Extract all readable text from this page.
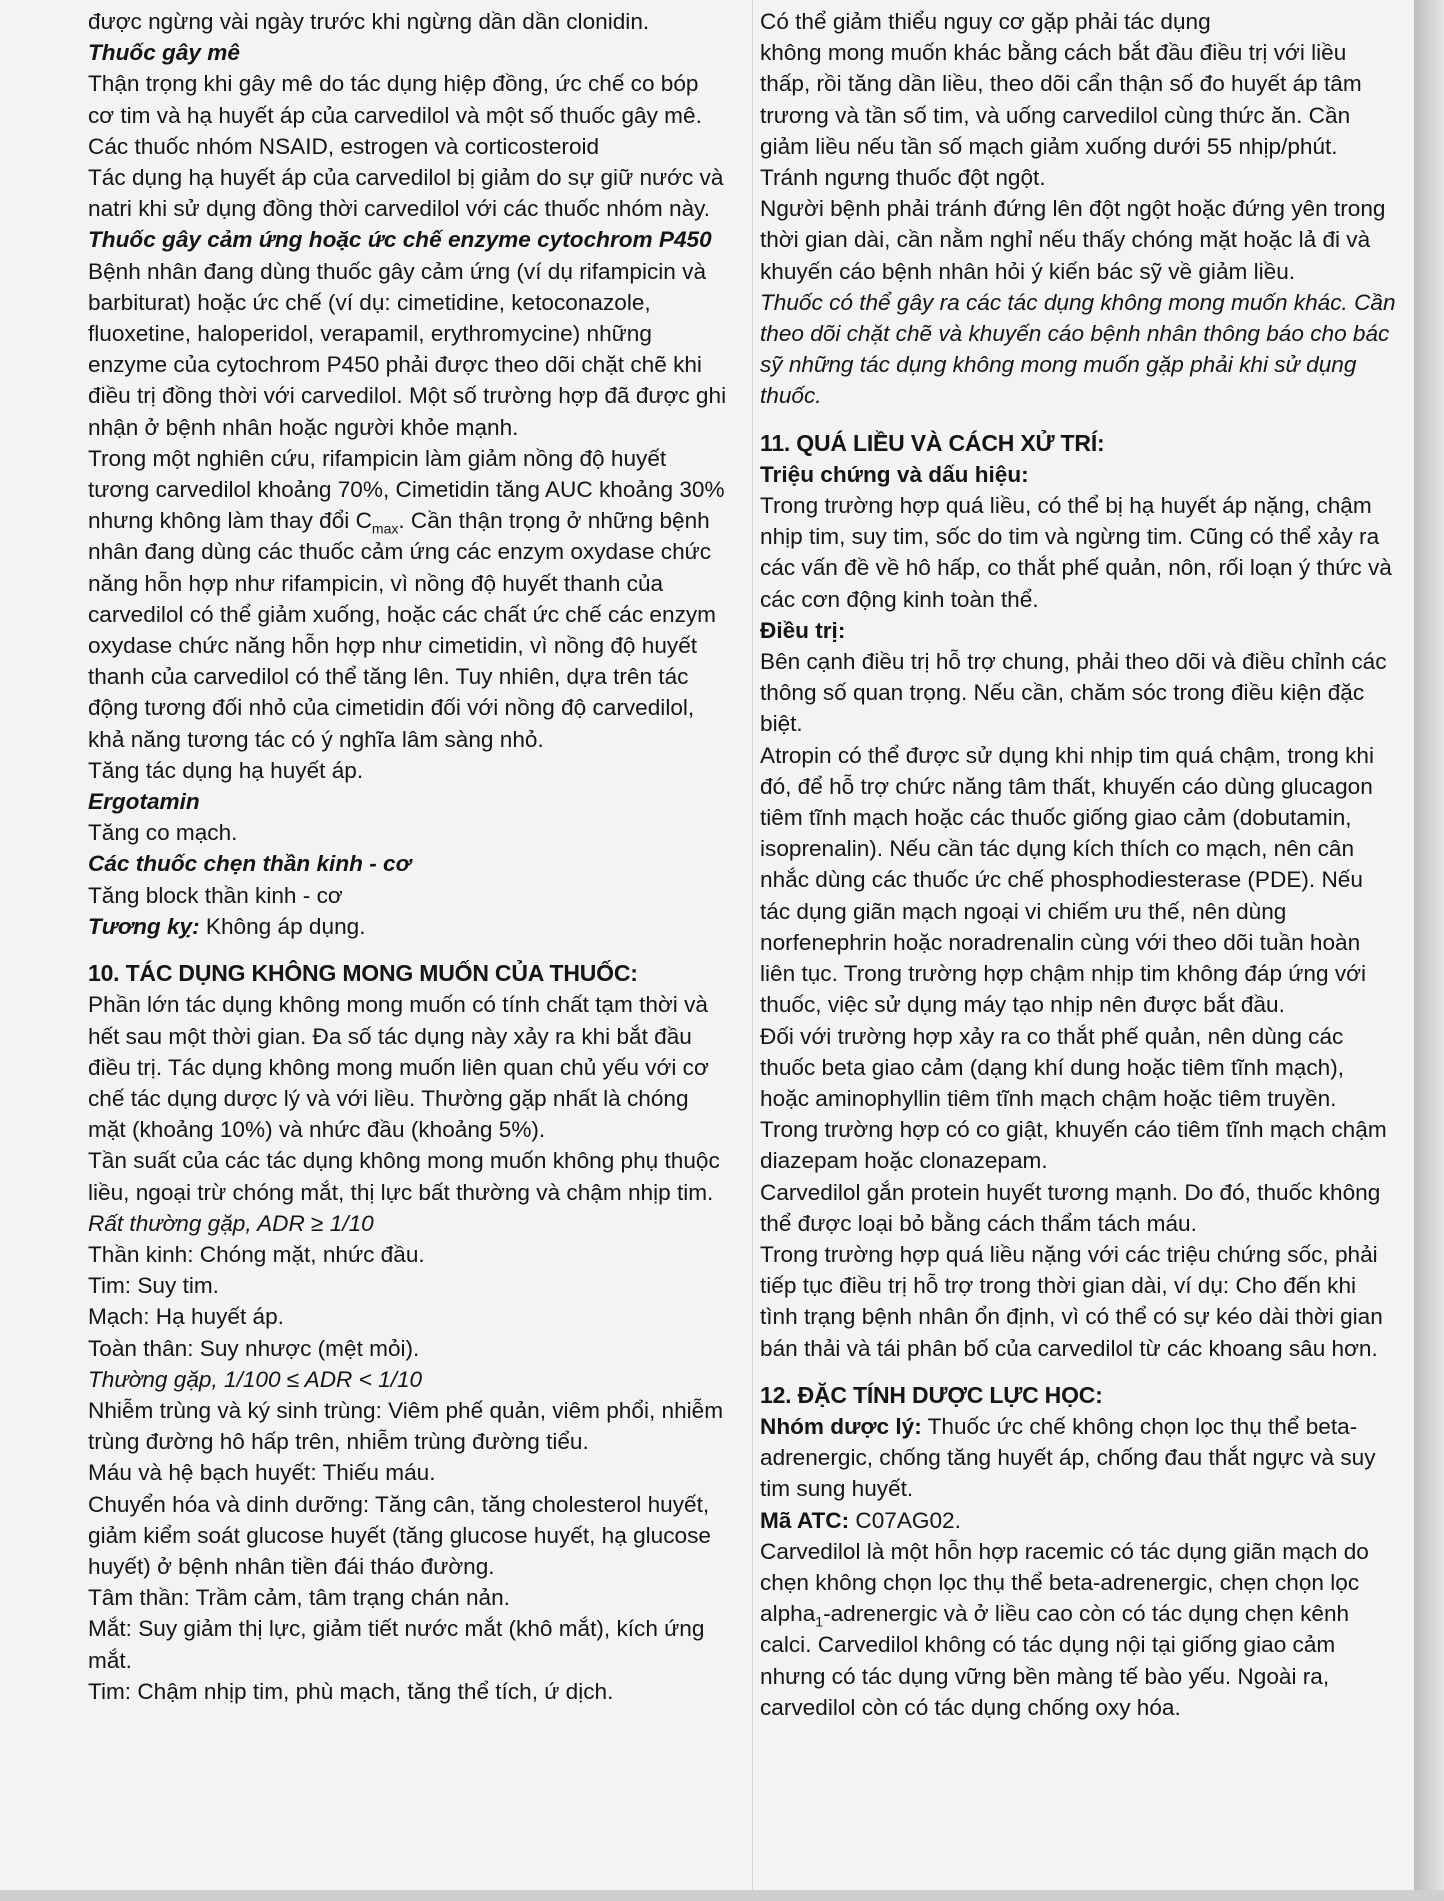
được ngừng vài ngày trước khi ngừng dần dần clonidin.

Thuốc gây mê

Thận trọng khi gây mê do tác dụng hiệp đồng, ức chế co bóp cơ tim và hạ huyết áp của carvedilol và một số thuốc gây mê.

Các thuốc nhóm NSAID, estrogen và corticosteroid

Tác dụng hạ huyết áp của carvedilol bị giảm do sự giữ nước và natri khi sử dụng đồng thời carvedilol với các thuốc nhóm này.

Thuốc gây cảm ứng hoặc ức chế enzyme cytochrom P450

Bệnh nhân đang dùng thuốc gây cảm ứng (ví dụ rifampicin và barbiturat) hoặc ức chế (ví dụ: cimetidine, ketoconazole, fluoxetine, haloperidol, verapamil, erythromycine) những enzyme của cytochrom P450 phải được theo dõi chặt chẽ khi điều trị đồng thời với carvedilol. Một số trường hợp đã được ghi nhận ở bệnh nhân hoặc người khỏe mạnh.

Trong một nghiên cứu, rifampicin làm giảm nồng độ huyết tương carvedilol khoảng 70%, Cimetidin tăng AUC khoảng 30% nhưng không làm thay đổi $C_{max}$. Cần thận trọng ở những bệnh nhân đang dùng các thuốc cảm ứng các enzym oxydase chức năng hỗn hợp như rifampicin, vì nồng độ huyết thanh của carvedilol có thể giảm xuống, hoặc các chất ức chế các enzym oxydase chức năng hỗn hợp như cimetidin, vì nồng độ huyết thanh của carvedilol có thể tăng lên. Tuy nhiên, dựa trên tác động tương đối nhỏ của cimetidin đối với nồng độ carvedilol, khả năng tương tác có ý nghĩa lâm sàng nhỏ.

Tăng tác dụng hạ huyết áp.

Ergotamin

Tăng co mạch.

Các thuốc chẹn thần kinh - cơ

Tăng block thần kinh - cơ

Tương kỵ: Không áp dụng.

10. TÁC DỤNG KHÔNG MONG MUỐN CỦA THUỐC:

Phần lớn tác dụng không mong muốn có tính chất tạm thời và hết sau một thời gian. Đa số tác dụng này xảy ra khi bắt đầu điều trị. Tác dụng không mong muốn liên quan chủ yếu với cơ chế tác dụng dược lý và với liều. Thường gặp nhất là chóng mặt (khoảng 10%) và nhức đầu (khoảng 5%).

Tần suất của các tác dụng không mong muốn không phụ thuộc liều, ngoại trừ chóng mắt, thị lực bất thường và chậm nhịp tim.

Rất thường gặp, ADR ≥ 1/10

Thần kinh: Chóng mặt, nhức đầu.

Tim: Suy tim.

Mạch: Hạ huyết áp.

Toàn thân: Suy nhược (mệt mỏi).

Thường gặp, 1/100 ≤ ADR < 1/10

Nhiễm trùng và ký sinh trùng: Viêm phế quản, viêm phổi, nhiễm trùng đường hô hấp trên, nhiễm trùng đường tiểu.

Máu và hệ bạch huyết: Thiếu máu.

Chuyển hóa và dinh dưỡng: Tăng cân, tăng cholesterol huyết, giảm kiểm soát glucose huyết (tăng glucose huyết, hạ glucose huyết) ở bệnh nhân tiền đái tháo đường.

Tâm thần: Trầm cảm, tâm trạng chán nản.

Mắt: Suy giảm thị lực, giảm tiết nước mắt (khô mắt), kích ứng mắt.

Tim: Chậm nhịp tim, phù mạch, tăng thể tích, ứ dịch.

Có thể giảm thiểu nguy cơ gặp phải tác dụng

không mong muốn khác bằng cách bắt đầu điều trị với liều thấp, rồi tăng dần liều, theo dõi cẩn thận số đo huyết áp tâm trương và tần số tim, và uống carvedilol cùng thức ăn. Cần giảm liều nếu tần số mạch giảm xuống dưới 55 nhịp/phút. Tránh ngưng thuốc đột ngột.

Người bệnh phải tránh đứng lên đột ngột hoặc đứng yên trong thời gian dài, cần nằm nghỉ nếu thấy chóng mặt hoặc lả đi và khuyến cáo bệnh nhân hỏi ý kiến bác sỹ về giảm liều.

Thuốc có thể gây ra các tác dụng không mong muốn khác. Cần theo dõi chặt chẽ và khuyến cáo bệnh nhân thông báo cho bác sỹ những tác dụng không mong muốn gặp phải khi sử dụng thuốc.

11. QUÁ LIỀU VÀ CÁCH XỬ TRÍ:

Triệu chứng và dấu hiệu:

Trong trường hợp quá liều, có thể bị hạ huyết áp nặng, chậm nhịp tim, suy tim, sốc do tim và ngừng tim. Cũng có thể xảy ra các vấn đề về hô hấp, co thắt phế quản, nôn, rối loạn ý thức và các cơn động kinh toàn thể.

Điều trị:

Bên cạnh điều trị hỗ trợ chung, phải theo dõi và điều chỉnh các thông số quan trọng. Nếu cần, chăm sóc trong điều kiện đặc biệt.

Atropin có thể được sử dụng khi nhịp tim quá chậm, trong khi đó, để hỗ trợ chức năng tâm thất, khuyến cáo dùng glucagon tiêm tĩnh mạch hoặc các thuốc giống giao cảm (dobutamin, isoprenalin). Nếu cần tác dụng kích thích co mạch, nên cân nhắc dùng các thuốc ức chế phosphodiesterase (PDE). Nếu tác dụng giãn mạch ngoại vi chiếm ưu thế, nên dùng norfenephrin hoặc noradrenalin cùng với theo dõi tuần hoàn liên tục. Trong trường hợp chậm nhịp tim không đáp ứng với thuốc, việc sử dụng máy tạo nhịp nên được bắt đầu.

Đối với trường hợp xảy ra co thắt phế quản, nên dùng các thuốc beta giao cảm (dạng khí dung hoặc tiêm tĩnh mạch), hoặc aminophyllin tiêm tĩnh mạch chậm hoặc tiêm truyền. Trong trường hợp có co giật, khuyến cáo tiêm tĩnh mạch chậm diazepam hoặc clonazepam.

Carvedilol gắn protein huyết tương mạnh. Do đó, thuốc không thể được loại bỏ bằng cách thẩm tách máu.

Trong trường hợp quá liều nặng với các triệu chứng sốc, phải tiếp tục điều trị hỗ trợ trong thời gian dài, ví dụ: Cho đến khi tình trạng bệnh nhân ổn định, vì có thể có sự kéo dài thời gian bán thải và tái phân bố của carvedilol từ các khoang sâu hơn.

12. ĐẶC TÍNH DƯỢC LỰC HỌC:

Nhóm dược lý: Thuốc ức chế không chọn lọc thụ thể beta-adrenergic, chống tăng huyết áp, chống đau thắt ngực và suy tim sung huyết.

Mã ATC: C07AG02.

Carvedilol là một hỗn hợp racemic có tác dụng giãn mạch do chẹn không chọn lọc thụ thể beta-adrenergic, chẹn chọn lọc alpha$_1$-adrenergic và ở liều cao còn có tác dụng chẹn kênh calci. Carvedilol không có tác dụng nội tại giống giao cảm nhưng có tác dụng vững bền màng tế bào yếu. Ngoài ra, carvedilol còn có tác dụng chống oxy hóa.
